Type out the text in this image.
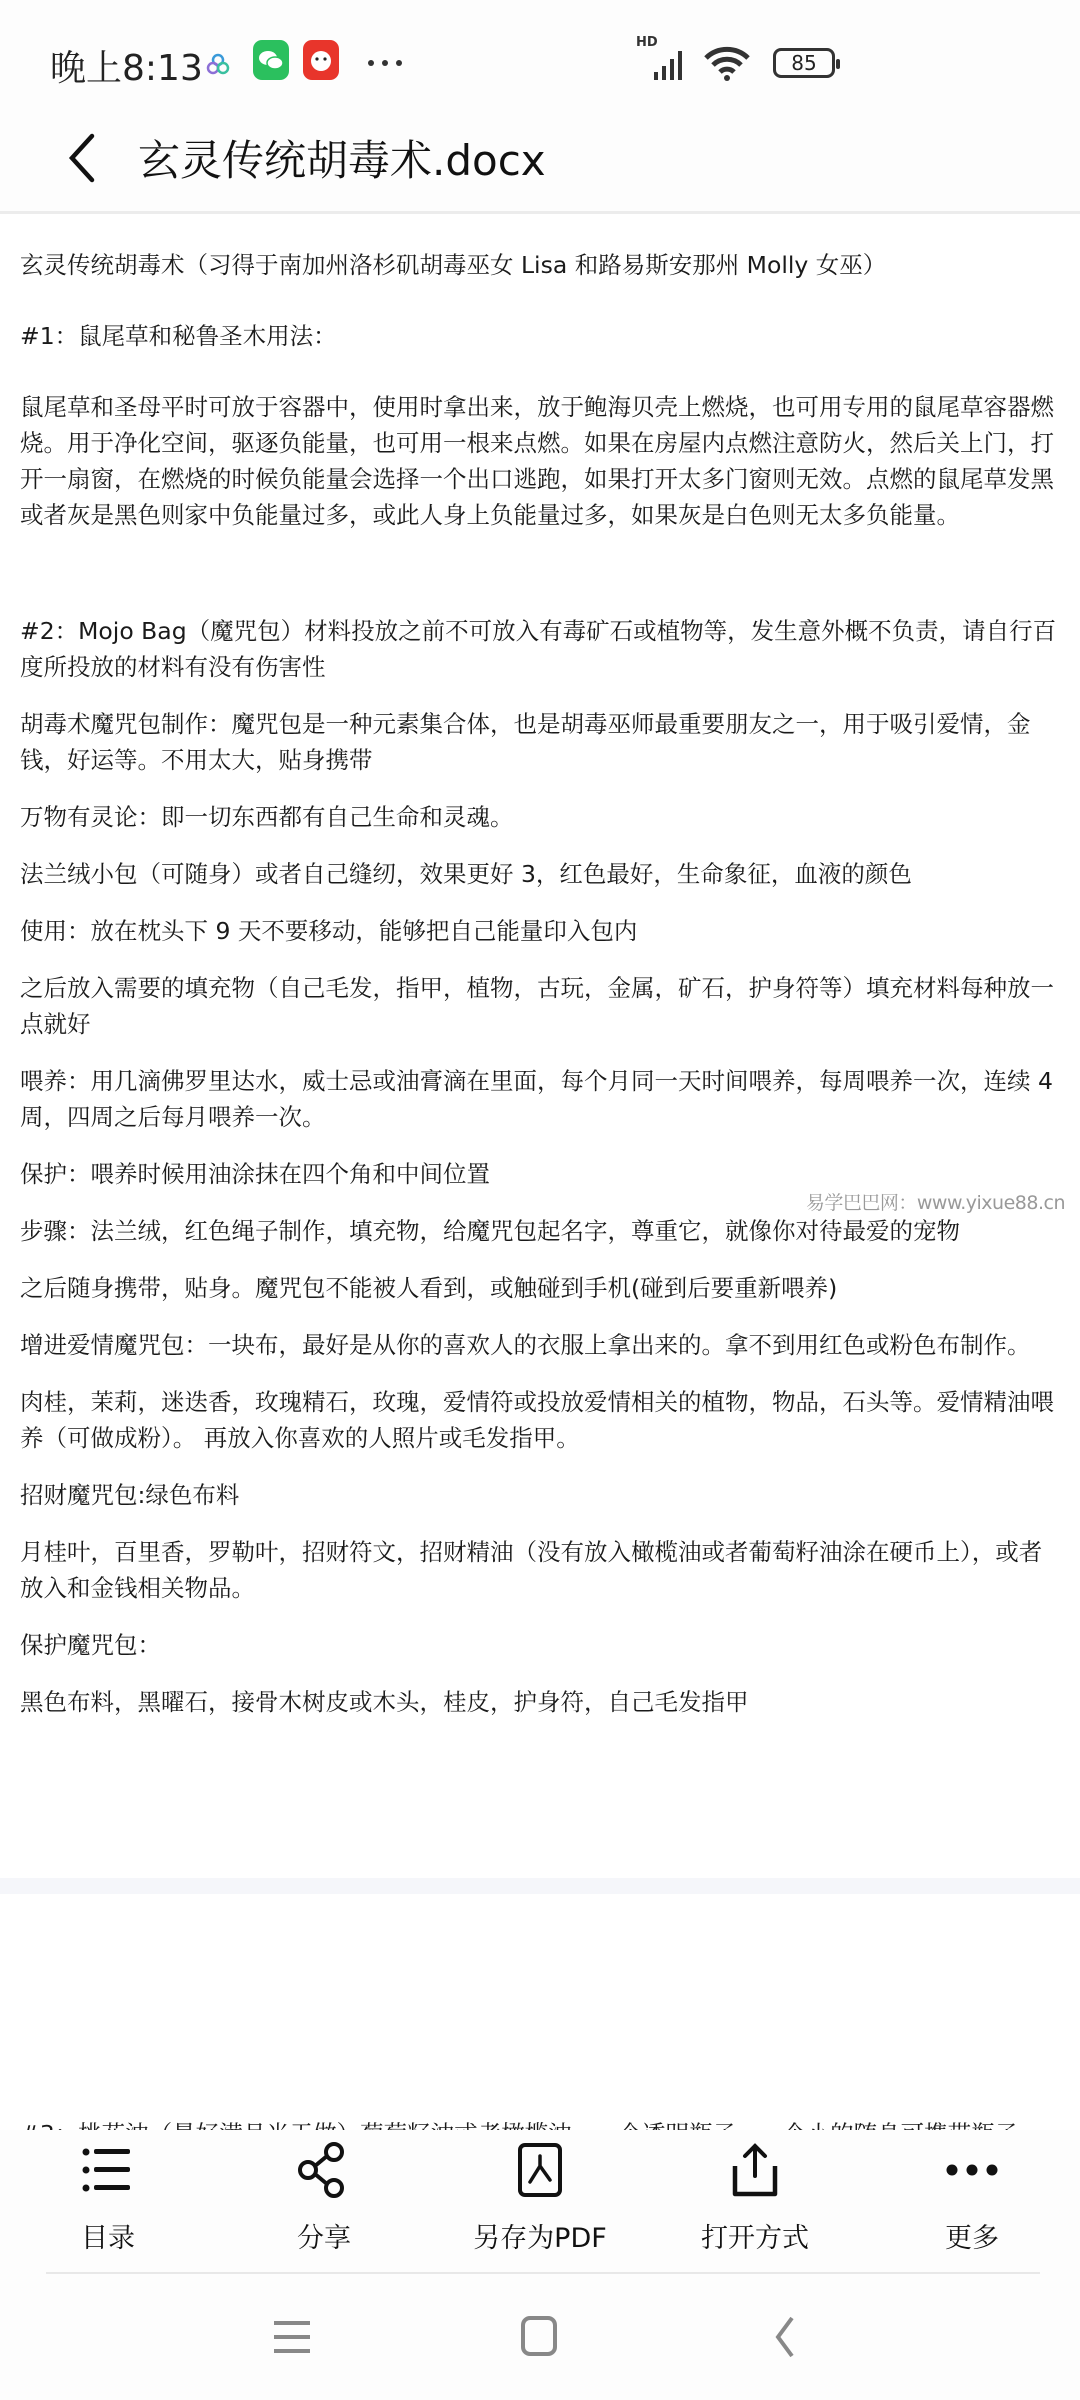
晚上8:13
HD
85
玄灵传统胡毒术.docx
玄灵传统胡毒术（习得于南加州洛杉矶胡毒巫女 Lisa 和路易斯安那州 Molly 女巫）
#1：鼠尾草和秘鲁圣木用法：
鼠尾草和圣母平时可放于容器中，使用时拿出来，放于鲍海贝壳上燃烧，也可用专用的鼠尾草容器燃烧。用于净化空间，驱逐负能量，也可用一根来点燃。如果在房屋内点燃注意防火，然后关上门，打开一扇窗，在燃烧的时候负能量会选择一个出口逃跑，如果打开太多门窗则无效。点燃的鼠尾草发黑或者灰是黑色则家中负能量过多，或此人身上负能量过多，如果灰是白色则无太多负能量。
#2：Mojo Bag（魔咒包）材料投放之前不可放入有毒矿石或植物等，发生意外概不负责，请自行百度所投放的材料有没有伤害性
胡毒术魔咒包制作：魔咒包是一种元素集合体，也是胡毒巫师最重要朋友之一，用于吸引爱情，金钱，好运等。不用太大，贴身携带
万物有灵论：即一切东西都有自己生命和灵魂。
法兰绒小包（可随身）或者自己缝纫，效果更好 3，红色最好，生命象征，血液的颜色
使用：放在枕头下 9 天不要移动，能够把自己能量印入包内
之后放入需要的填充物（自己毛发，指甲，植物，古玩，金属，矿石，护身符等）填充材料每种放一点就好
喂养：用几滴佛罗里达水，威士忌或油膏滴在里面，每个月同一天时间喂养，每周喂养一次，连续 4 周，四周之后每月喂养一次。
保护：喂养时候用油涂抹在四个角和中间位置
易学巴巴网：www.yixue88.cn
步骤：法兰绒，红色绳子制作，填充物，给魔咒包起名字，尊重它，就像你对待最爱的宠物
之后随身携带，贴身。魔咒包不能被人看到，或触碰到手机(碰到后要重新喂养)
增进爱情魔咒包：一块布，最好是从你的喜欢人的衣服上拿出来的。拿不到用红色或粉色布制作。
肉桂，茉莉，迷迭香，玫瑰精石，玫瑰，爱情符或投放爱情相关的植物，物品，石头等。爱情精油喂养（可做成粉）。 再放入你喜欢的人照片或毛发指甲。
招财魔咒包:绿色布料
月桂叶，百里香，罗勒叶，招财符文，招财精油（没有放入橄榄油或者葡萄籽油涂在硬币上），或者放入和金钱相关物品。
保护魔咒包：
黑色布料，黑曜石，接骨木树皮或木头，桂皮，护身符，自己毛发指甲
目录	分享	另存为PDF	打开方式	更多
